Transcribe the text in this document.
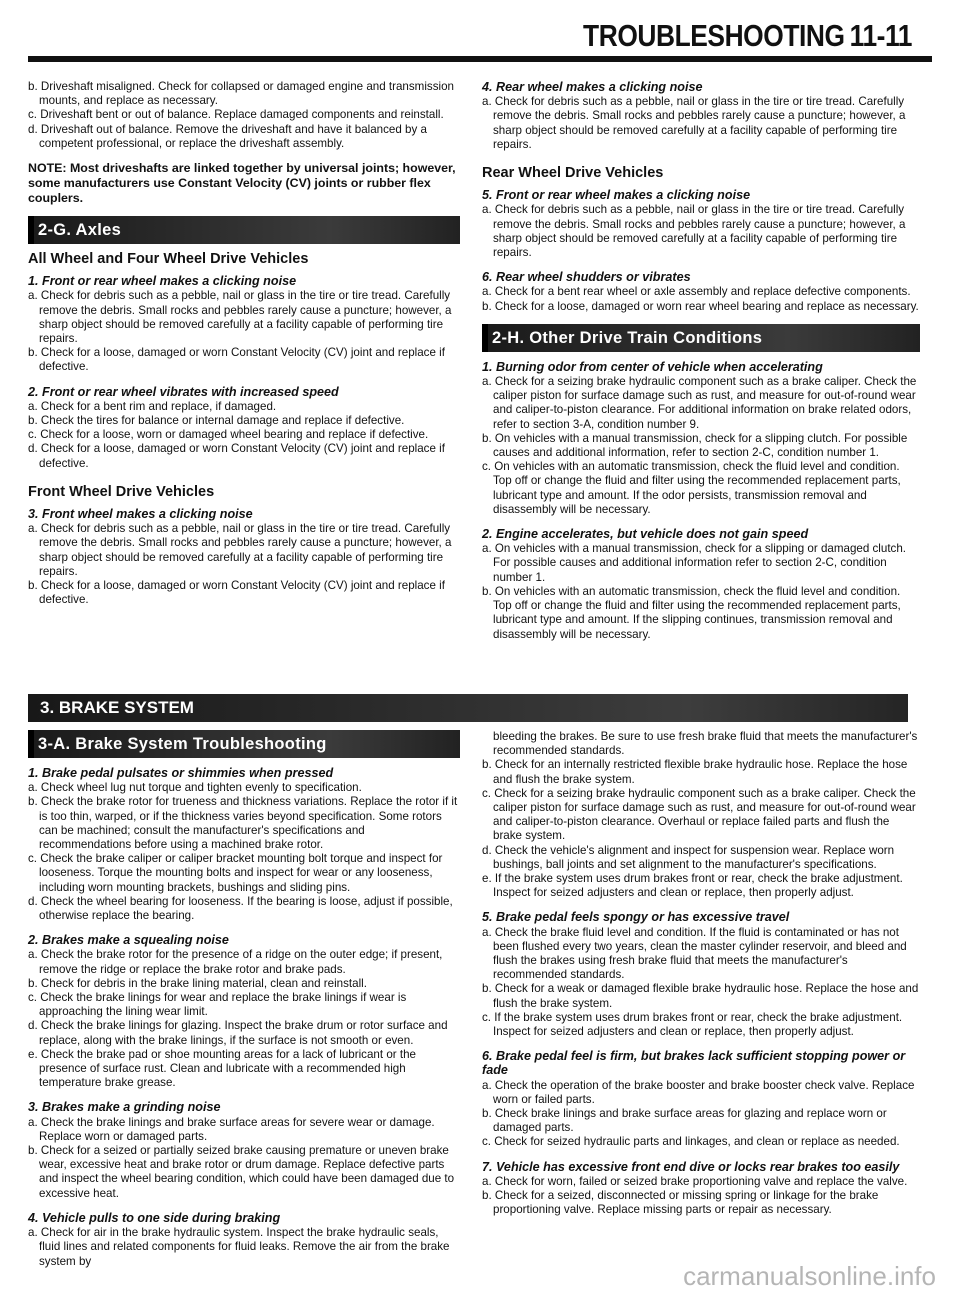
TROUBLESHOOTING 11-11

b. Driveshaft misaligned. Check for collapsed or damaged engine and transmission mounts, and replace as necessary.

c. Driveshaft bent or out of balance. Replace damaged components and reinstall.

d. Driveshaft out of balance. Remove the driveshaft and have it balanced by a competent professional, or replace the driveshaft assembly.

NOTE: Most driveshafts are linked together by universal joints; however, some manufacturers use Constant Velocity (CV) joints or rubber flex couplers.

2-G. Axles
All Wheel and Four Wheel Drive Vehicles
1. Front or rear wheel makes a clicking noise

a. Check for debris such as a pebble, nail or glass in the tire or tire tread. Carefully remove the debris. Small rocks and pebbles rarely cause a puncture; however, a sharp object should be removed carefully at a facility capable of performing tire repairs.

b. Check for a loose, damaged or worn Constant Velocity (CV) joint and replace if defective.

2. Front or rear wheel vibrates with increased speed

a. Check for a bent rim and replace, if damaged.

b. Check the tires for balance or internal damage and replace if defective.

c. Check for a loose, worn or damaged wheel bearing and replace if defective.

d. Check for a loose, damaged or worn Constant Velocity (CV) joint and replace if defective.

Front Wheel Drive Vehicles
3. Front wheel makes a clicking noise

a. Check for debris such as a pebble, nail or glass in the tire or tire tread. Carefully remove the debris. Small rocks and pebbles rarely cause a puncture; however, a sharp object should be removed carefully at a facility capable of performing tire repairs.

b. Check for a loose, damaged or worn Constant Velocity (CV) joint and replace if defective.

4. Rear wheel makes a clicking noise

a. Check for debris such as a pebble, nail or glass in the tire or tire tread. Carefully remove the debris. Small rocks and pebbles rarely cause a puncture; however, a sharp object should be removed carefully at a facility capable of performing tire repairs.

Rear Wheel Drive Vehicles
5. Front or rear wheel makes a clicking noise

a. Check for debris such as a pebble, nail or glass in the tire or tire tread. Carefully remove the debris. Small rocks and pebbles rarely cause a puncture; however, a sharp object should be removed carefully at a facility capable of performing tire repairs.

6. Rear wheel shudders or vibrates

a. Check for a bent rear wheel or axle assembly and replace defective components.

b. Check for a loose, damaged or worn rear wheel bearing and replace as necessary.

2-H. Other Drive Train Conditions
1. Burning odor from center of vehicle when accelerating

a. Check for a seizing brake hydraulic component such as a brake caliper. Check the caliper piston for surface damage such as rust, and measure for out-of-round wear and caliper-to-piston clearance. For additional information on brake related odors, refer to section 3-A, condition number 9.

b. On vehicles with a manual transmission, check for a slipping clutch. For possible causes and additional information, refer to section 2-C, condition number 1.

c. On vehicles with an automatic transmission, check the fluid level and condition. Top off or change the fluid and filter using the recommended replacement parts, lubricant type and amount. If the odor persists, transmission removal and disassembly will be necessary.

2. Engine accelerates, but vehicle does not gain speed

a. On vehicles with a manual transmission, check for a slipping or damaged clutch. For possible causes and additional information refer to section 2-C, condition number 1.

b. On vehicles with an automatic transmission, check the fluid level and condition. Top off or change the fluid and filter using the recommended replacement parts, lubricant type and amount. If the slipping continues, transmission removal and disassembly will be necessary.

3. BRAKE SYSTEM
3-A. Brake System Troubleshooting
1. Brake pedal pulsates or shimmies when pressed

a. Check wheel lug nut torque and tighten evenly to specification.

b. Check the brake rotor for trueness and thickness variations. Replace the rotor if it is too thin, warped, or if the thickness varies beyond specification. Some rotors can be machined; consult the manufacturer's specifications and recommendations before using a machined brake rotor.

c. Check the brake caliper or caliper bracket mounting bolt torque and inspect for looseness. Torque the mounting bolts and inspect for wear or any looseness, including worn mounting brackets, bushings and sliding pins.

d. Check the wheel bearing for looseness. If the bearing is loose, adjust if possible, otherwise replace the bearing.

2. Brakes make a squealing noise

a. Check the brake rotor for the presence of a ridge on the outer edge; if present, remove the ridge or replace the brake rotor and brake pads.

b. Check for debris in the brake lining material, clean and reinstall.

c. Check the brake linings for wear and replace the brake linings if wear is approaching the lining wear limit.

d. Check the brake linings for glazing. Inspect the brake drum or rotor surface and replace, along with the brake linings, if the surface is not smooth or even.

e. Check the brake pad or shoe mounting areas for a lack of lubricant or the presence of surface rust. Clean and lubricate with a recommended high temperature brake grease.

3. Brakes make a grinding noise

a. Check the brake linings and brake surface areas for severe wear or damage. Replace worn or damaged parts.

b. Check for a seized or partially seized brake causing premature or uneven brake wear, excessive heat and brake rotor or drum damage. Replace defective parts and inspect the wheel bearing condition, which could have been damaged due to excessive heat.

4. Vehicle pulls to one side during braking

a. Check for air in the brake hydraulic system. Inspect the brake hydraulic seals, fluid lines and related components for fluid leaks. Remove the air from the brake system by

bleeding the brakes. Be sure to use fresh brake fluid that meets the manufacturer's recommended standards.

b. Check for an internally restricted flexible brake hydraulic hose. Replace the hose and flush the brake system.

c. Check for a seizing brake hydraulic component such as a brake caliper. Check the caliper piston for surface damage such as rust, and measure for out-of-round wear and caliper-to-piston clearance. Overhaul or replace failed parts and flush the brake system.

d. Check the vehicle's alignment and inspect for suspension wear. Replace worn bushings, ball joints and set alignment to the manufacturer's specifications.

e. If the brake system uses drum brakes front or rear, check the brake adjustment. Inspect for seized adjusters and clean or replace, then properly adjust.

5. Brake pedal feels spongy or has excessive travel

a. Check the brake fluid level and condition. If the fluid is contaminated or has not been flushed every two years, clean the master cylinder reservoir, and bleed and flush the brakes using fresh brake fluid that meets the manufacturer's recommended standards.

b. Check for a weak or damaged flexible brake hydraulic hose. Replace the hose and flush the brake system.

c. If the brake system uses drum brakes front or rear, check the brake adjustment. Inspect for seized adjusters and clean or replace, then properly adjust.

6. Brake pedal feel is firm, but brakes lack sufficient stopping power or fade

a. Check the operation of the brake booster and brake booster check valve. Replace worn or failed parts.

b. Check brake linings and brake surface areas for glazing and replace worn or damaged parts.

c. Check for seized hydraulic parts and linkages, and clean or replace as needed.

7. Vehicle has excessive front end dive or locks rear brakes too easily

a. Check for worn, failed or seized brake proportioning valve and replace the valve.

b. Check for a seized, disconnected or missing spring or linkage for the brake proportioning valve. Replace missing parts or repair as necessary.

carmanualsonline.info
